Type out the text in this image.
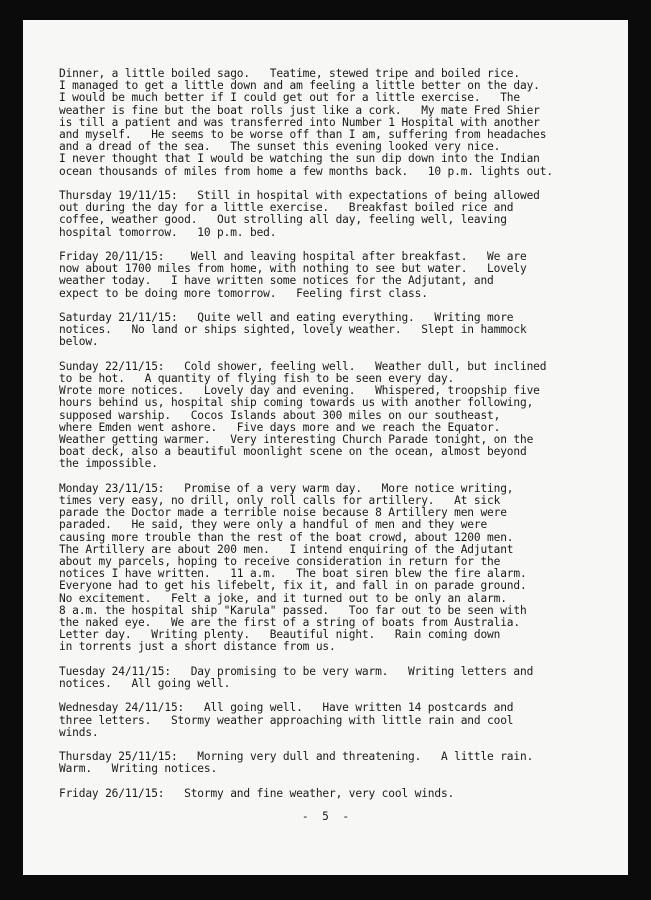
Dinner, a little boiled sago.   Teatime, stewed tripe and boiled rice.
I managed to get a little down and am feeling a little better on the day.
I would be much better if I could get out for a little exercise.   The
weather is fine but the boat rolls just like a cork.   My mate Fred Shier
is till a patient and was transferred into Number 1 Hospital with another
and myself.   He seems to be worse off than I am, suffering from headaches
and a dread of the sea.   The sunset this evening looked very nice.
I never thought that I would be watching the sun dip down into the Indian
ocean thousands of miles from home a few months back.   10 p.m. lights out.
Thursday 19/11/15:   Still in hospital with expectations of being allowed
out during the day for a little exercise.   Breakfast boiled rice and
coffee, weather good.   Out strolling all day, feeling well, leaving
hospital tomorrow.   10 p.m. bed.
Friday 20/11/15:    Well and leaving hospital after breakfast.   We are
now about 1700 miles from home, with nothing to see but water.   Lovely
weather today.   I have written some notices for the Adjutant, and
expect to be doing more tomorrow.   Feeling first class.
Saturday 21/11/15:   Quite well and eating everything.   Writing more
notices.   No land or ships sighted, lovely weather.   Slept in hammock
below.
Sunday 22/11/15:   Cold shower, feeling well.   Weather dull, but inclined
to be hot.   A quantity of flying fish to be seen every day.
Wrote more notices.   Lovely day and evening.   Whispered, troopship five
hours behind us, hospital ship coming towards us with another following,
supposed warship.   Cocos Islands about 300 miles on our southeast,
where Emden went ashore.   Five days more and we reach the Equator.
Weather getting warmer.   Very interesting Church Parade tonight, on the
boat deck, also a beautiful moonlight scene on the ocean, almost beyond
the impossible.
Monday 23/11/15:   Promise of a very warm day.   More notice writing,
times very easy, no drill, only roll calls for artillery.   At sick
parade the Doctor made a terrible noise because 8 Artillery men were
paraded.   He said, they were only a handful of men and they were
causing more trouble than the rest of the boat crowd, about 1200 men.
The Artillery are about 200 men.   I intend enquiring of the Adjutant
about my parcels, hoping to receive consideration in return for the
notices I have written.   11 a.m.   The boat siren blew the fire alarm.
Everyone had to get his lifebelt, fix it, and fall in on parade ground.
No excitement.   Felt a joke, and it turned out to be only an alarm.
8 a.m. the hospital ship "Karula" passed.   Too far out to be seen with
the naked eye.   We are the first of a string of boats from Australia.
Letter day.   Writing plenty.   Beautiful night.   Rain coming down
in torrents just a short distance from us.
Tuesday 24/11/15:   Day promising to be very warm.   Writing letters and
notices.   All going well.
Wednesday 24/11/15:   All going well.   Have written 14 postcards and
three letters.   Stormy weather approaching with little rain and cool
winds.
Thursday 25/11/15:   Morning very dull and threatening.   A little rain.
Warm.   Writing notices.
Friday 26/11/15:   Stormy and fine weather, very cool winds.
-  5  -
